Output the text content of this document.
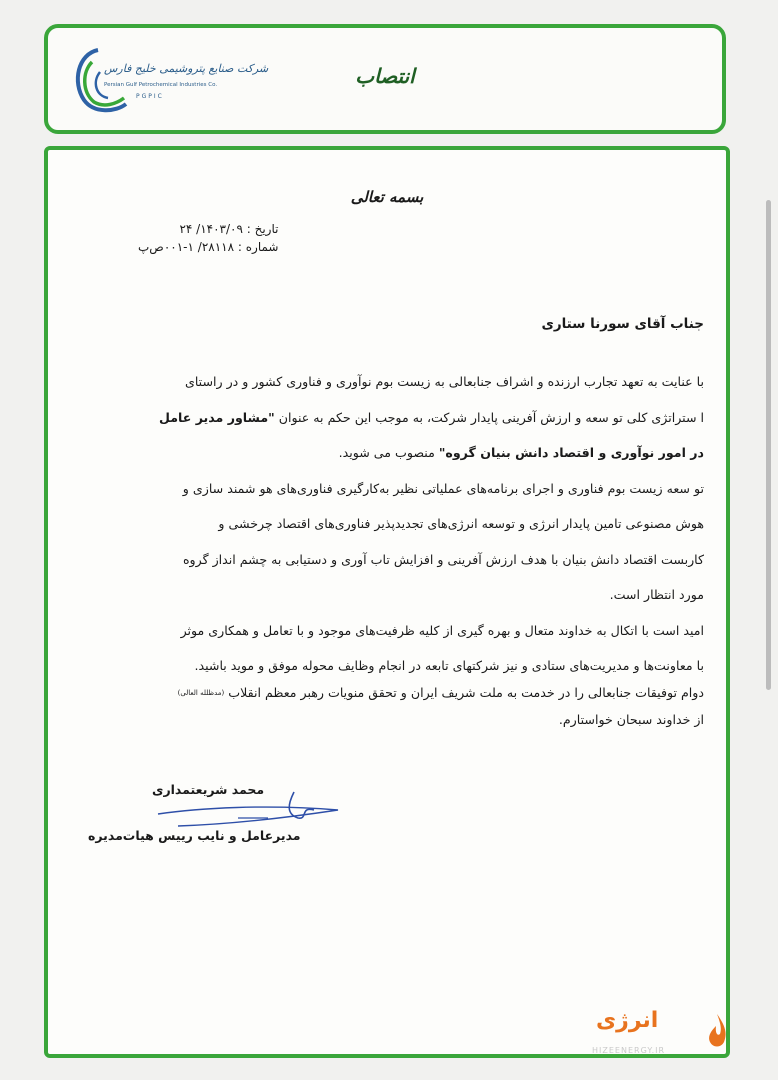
شرکت صنایع پتروشیمی خلیج فارس
Persian Gulf Petrochemical Industries Co.
PGPIC
انتصاب
بسمه تعالی
تاریخ : ۱۴۰۳/۰۹/ ۲۴
شماره : ۲۸۱۱۸/ ۱-۰۰۱ص‌پ
جناب آقای سورنا ستاری
با عنایت به تعهد تجارب ارزنده و اشراف جنابعالی به زیست بوم نوآوری و فناوری کشور و در راستای
ا ستراتژی کلی تو سعه و ارزش آفرینی پایدار شرکت، به موجب این حکم به عنوان "مشاور مدیر عامل
در امور نوآوری و اقتصاد دانش بنیان گروه" منصوب می شوید.
تو سعه زیست بوم فناوری و اجرای برنامه‌های عملیاتی نظیر به‌کارگیری فناوری‌های هو شمند سازی و
هوش مصنوعی تامین پایدار انرژی و توسعه انرژی‌های تجدیدپذیر فناوری‌های اقتصاد چرخشی و
کاربست اقتصاد دانش بنیان با هدف ارزش آفرینی و افزایش تاب آوری و دستیابی به چشم انداز گروه
مورد انتظار است.
امید است با اتکال به خداوند متعال و بهره گیری از کلیه ظرفیت‌های موجود و با تعامل و همکاری موثر
با معاونت‌ها و مدیریت‌های ستادی و نیز شرکتهای تابعه در انجام وظایف محوله موفق و موید باشید.
دوام توفیقات جنابعالی را در خدمت به ملت شریف ایران و تحقق منویات رهبر معظم انقلاب $^{(مدظلله العالی)}$
از خداوند سبحان خواستارم.
محمد شریعتمداری
مدیرعامل و نایب رییس هیات‌مدیره
انرژی
HIZEENERGY.IR
